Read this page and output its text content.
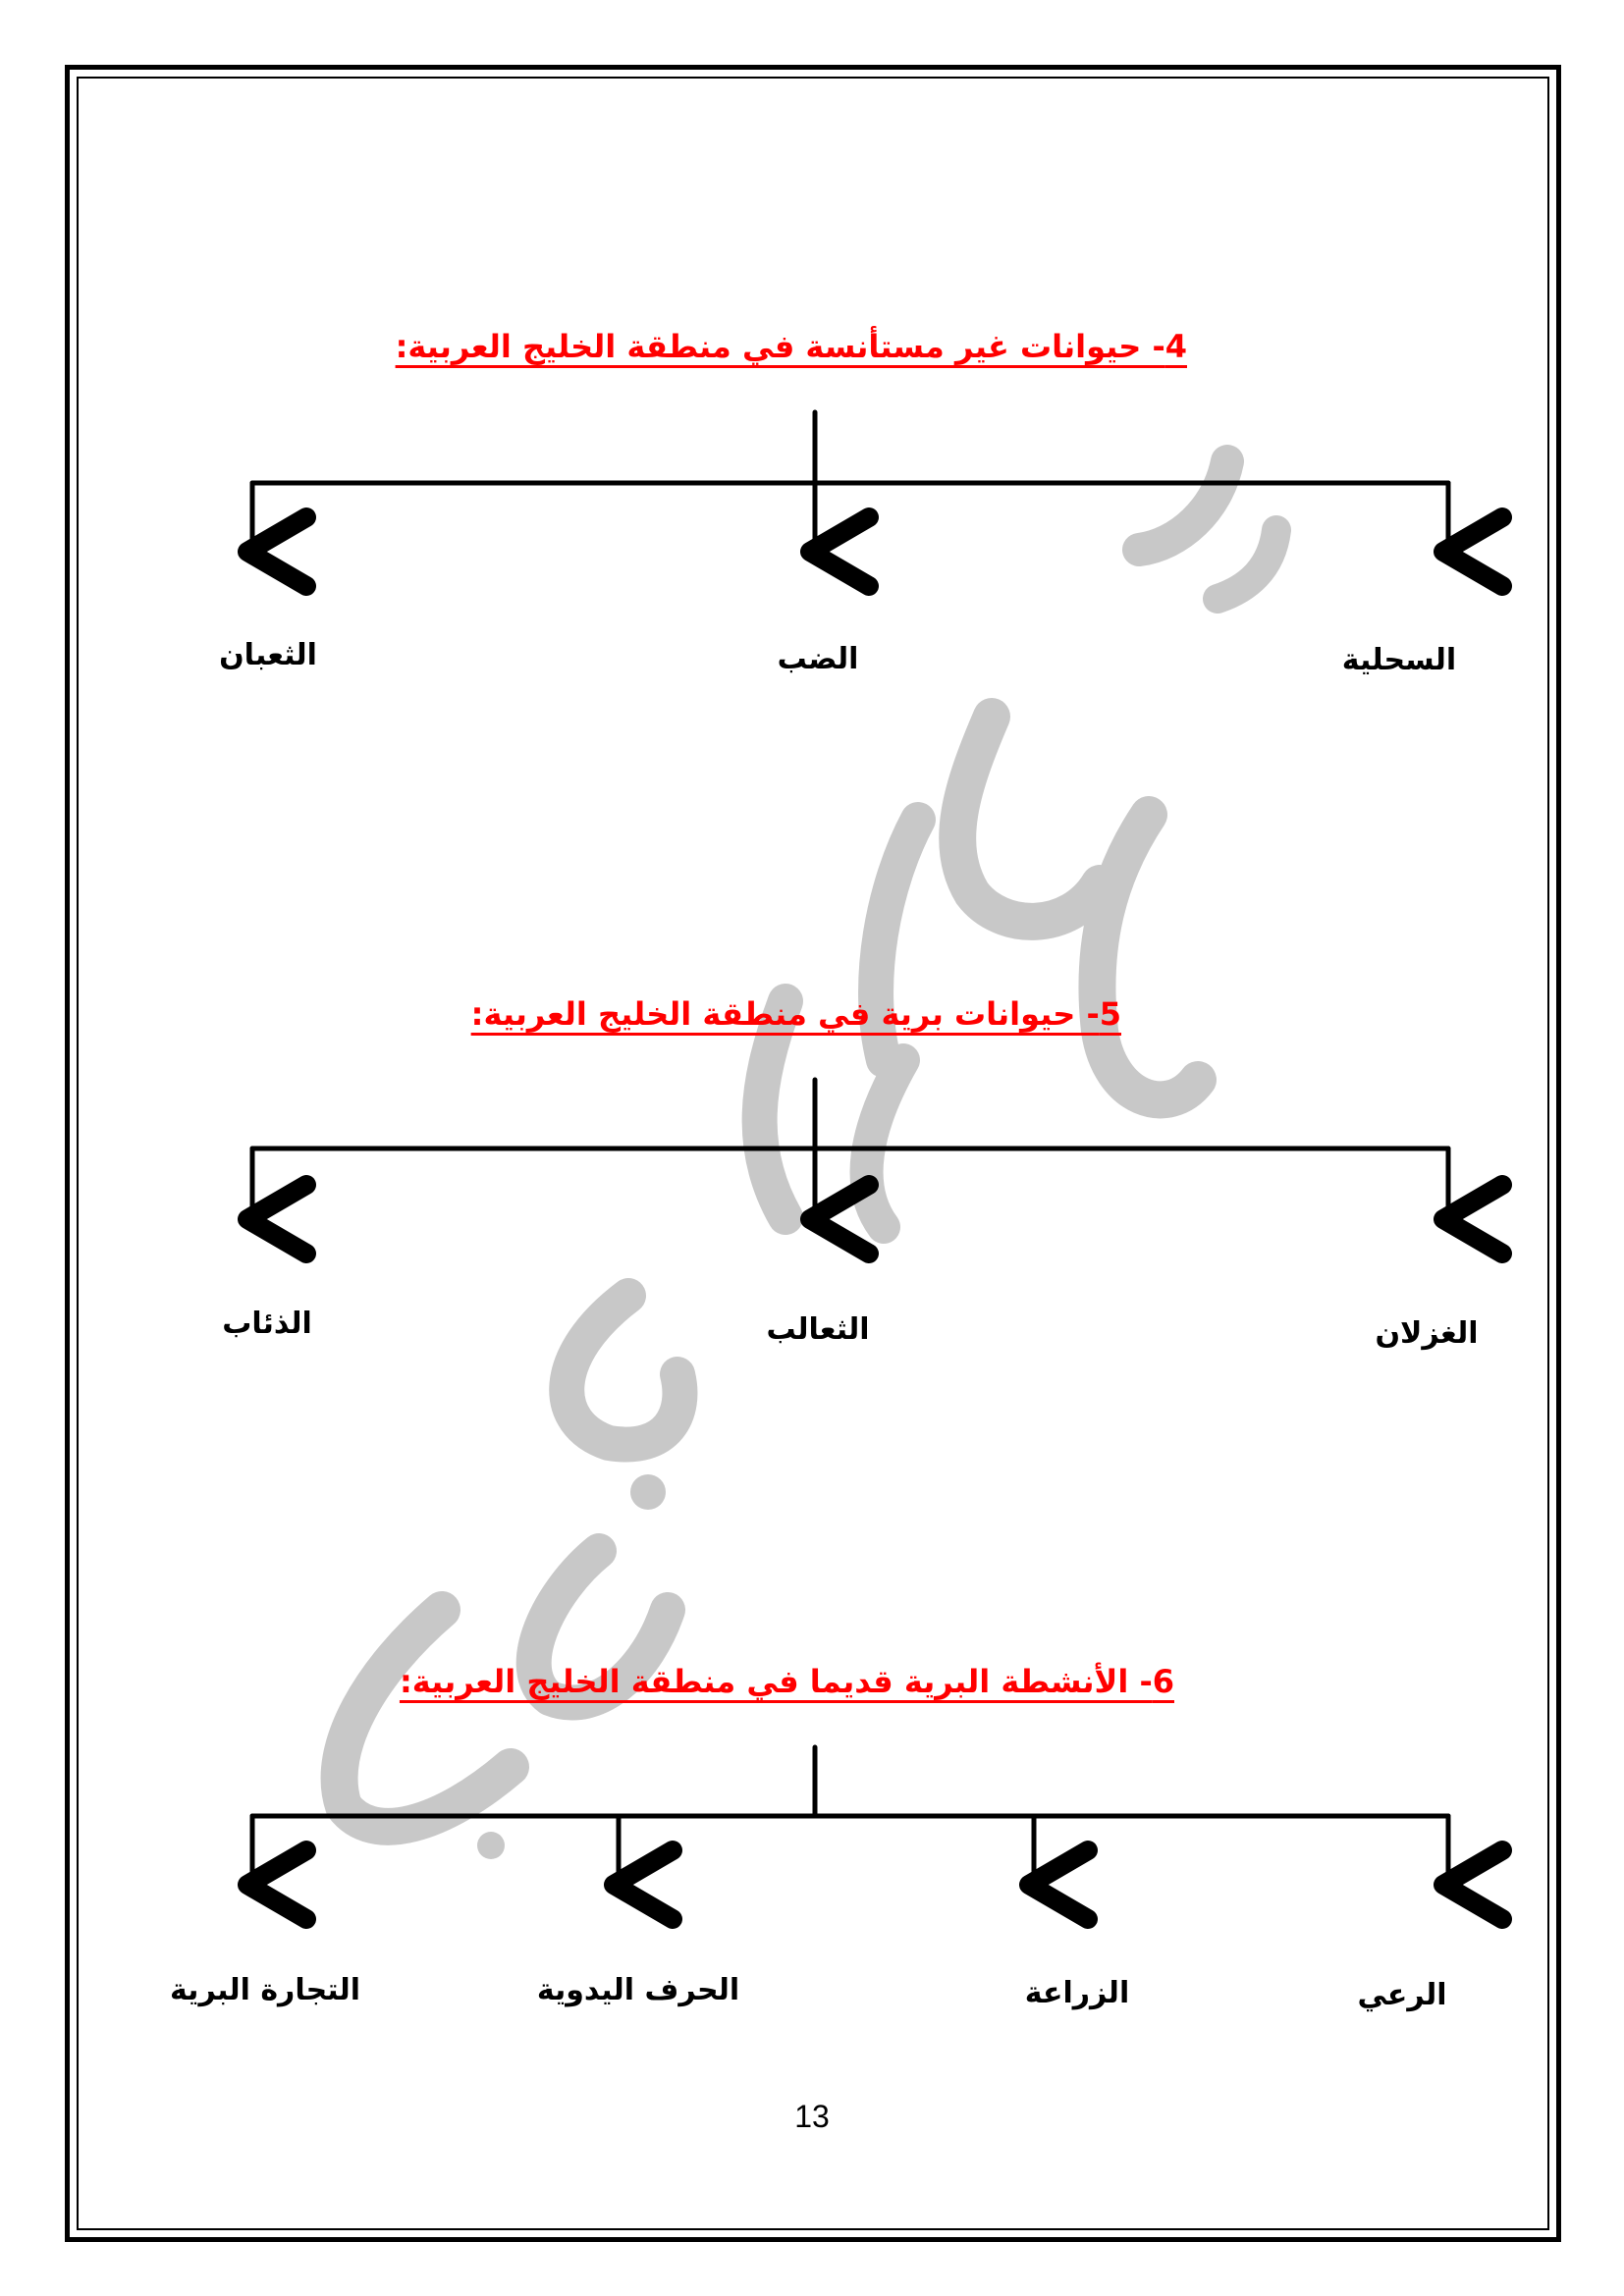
4- حيوانات غير مستأنسة في منطقة الخليج العربية:
السحلية
الضب
الثعبان
5- حيوانات برية في منطقة الخليج العربية:
الغزلان
الثعالب
الذئاب
6- الأنشطة البرية قديما في منطقة الخليج العربية:
الرعي
الزراعة
الحرف اليدوية
التجارة البرية
13
